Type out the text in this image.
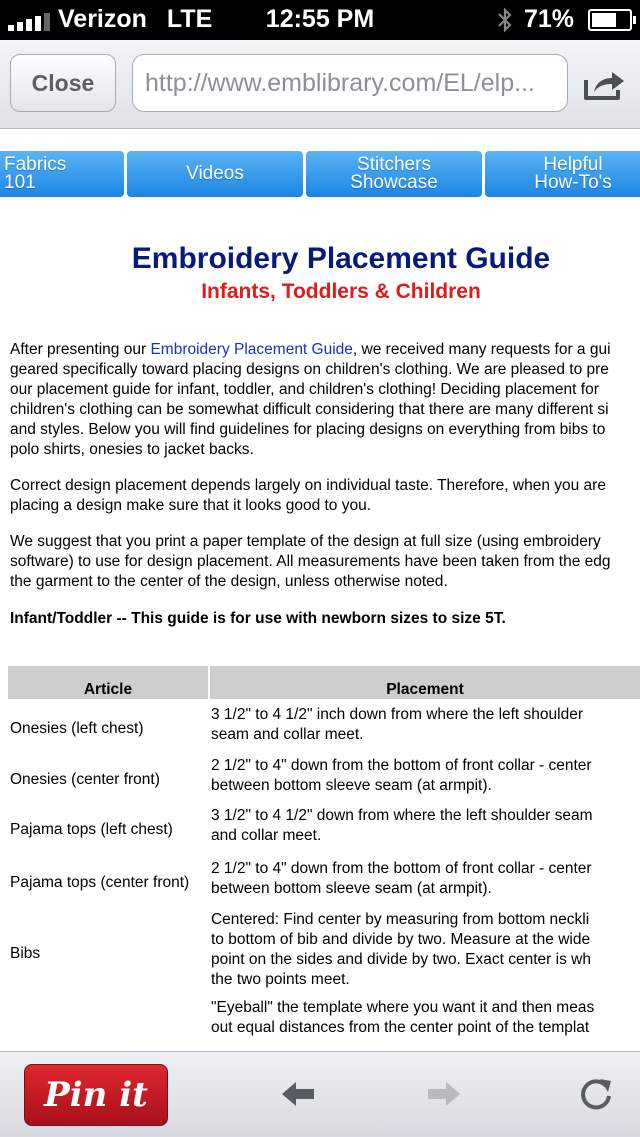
Verizon LTE	12:55 PM	71%
Close	http://www.emblibrary.com/EL/elp...
Fabrics
101	Videos	Stitchers
Showcase
Helpful
How-To's
Embroidery Placement Guide
Infants, Toddlers & Children
After presenting our Embroidery Placement Guide, we received many requests for a gui
geared specifically toward placing designs on children's clothing. We are pleased to pre
our placement guide for infant, toddler, and children's clothing! Deciding placement for
children's clothing can be somewhat difficult considering that there are many different si
and styles. Below you will find guidelines for placing designs on everything from bibs to
polo shirts, onesies to jacket backs.
Correct design placement depends largely on individual taste. Therefore, when you are
placing a design make sure that it looks good to you.
We suggest that you print a paper template of the design at full size (using embroidery
software) to use for design placement. All measurements have been taken from the edg
the garment to the center of the design, unless otherwise noted.
Infant/Toddler -- This guide is for use with newborn sizes to size 5T.
Article	Placement
Onesies (left chest)	3 1/2" to 4 1/2" inch down from where the left shoulder
seam and collar meet.

Onesies (center front)	2 1/2" to 4" down from the bottom of front collar - center
between bottom sleeve seam (at armpit).

Pajama tops (left chest)	3 1/2" to 4 1/2" down from where the left shoulder seam
and collar meet.

Pajama tops (center front)	2 1/2" to 4" down from the bottom of front collar - center
between bottom sleeve seam (at armpit).

Bibs	Centered: Find center by measuring from bottom neckli
to bottom of bib and divide by two. Measure at the wide
point on the sides and divide by two. Exact center is wh
the two points meet.

	"Eyeball" the template where you want it and then meas
out equal distances from the center point of the templat
Pin it
